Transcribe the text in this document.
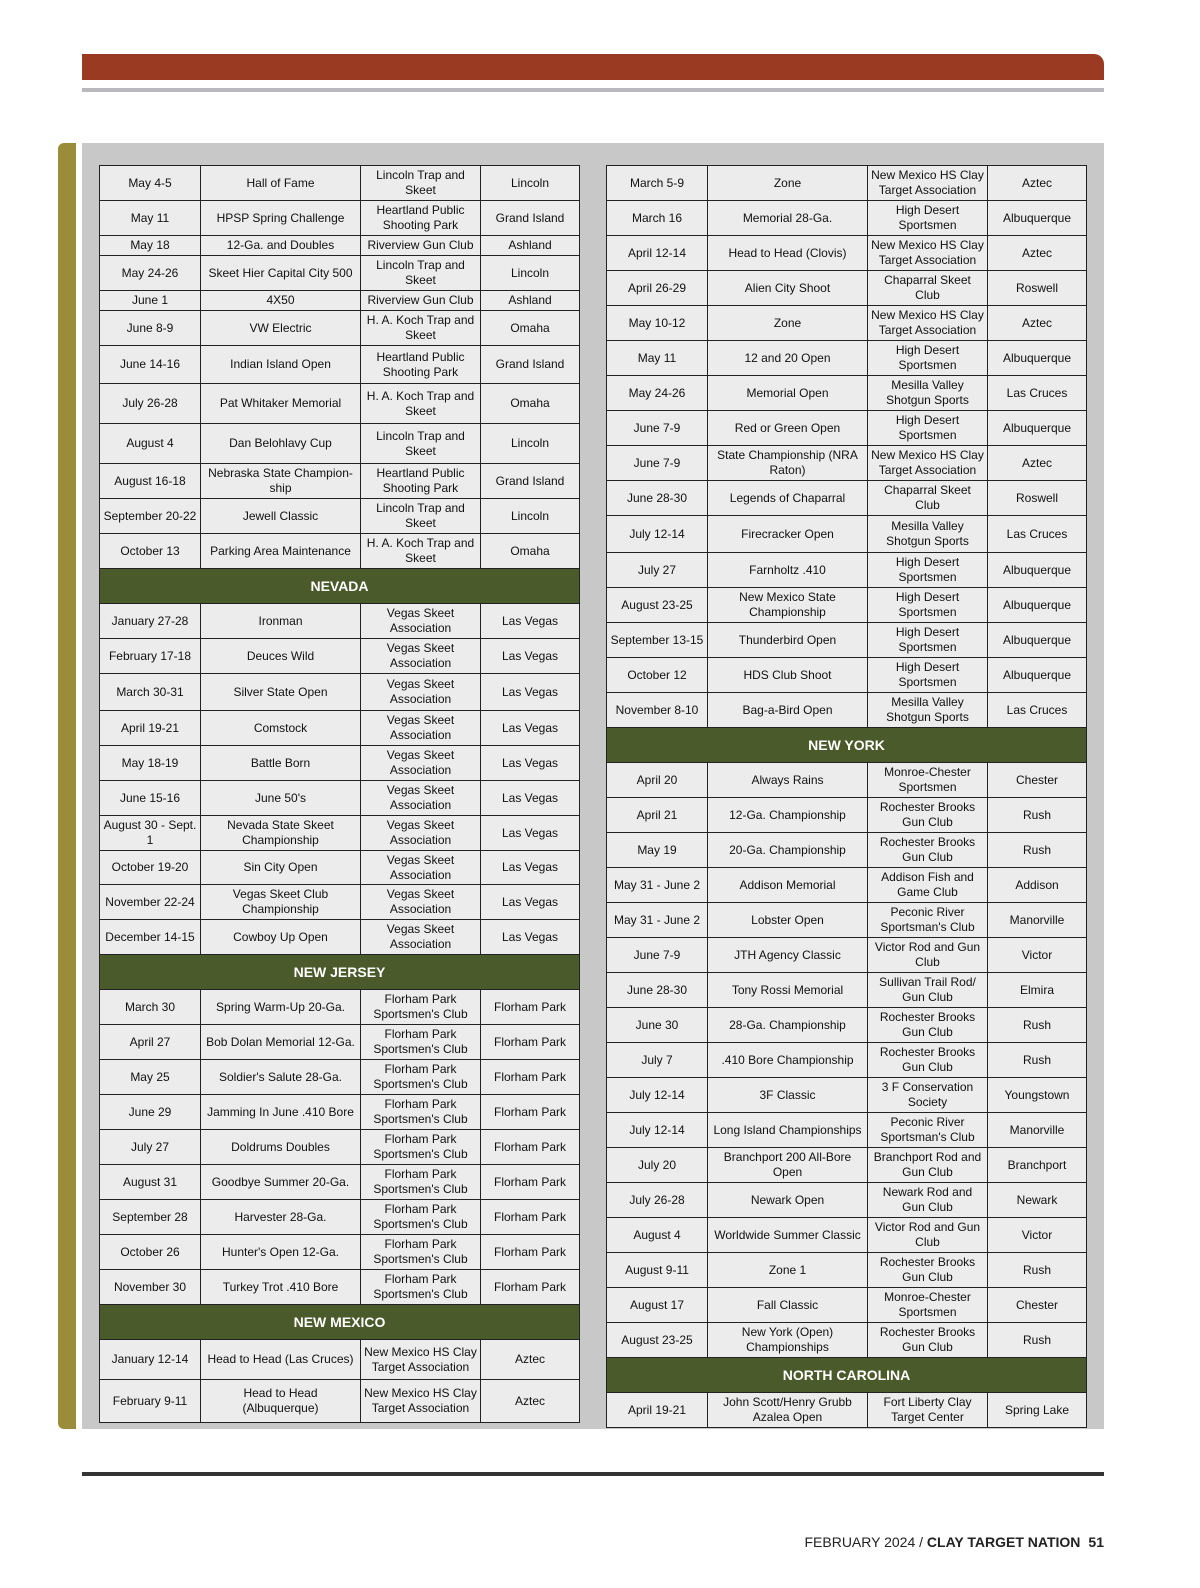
May 4-5	Hall of Fame	Lincoln Trap and Skeet	Lincoln
May 11	HPSP Spring Challenge	Heartland Public Shooting Park	Grand Island
May 18	12-Ga. and Doubles	Riverview Gun Club	Ashland
May 24-26	Skeet Hier Capital City 500	Lincoln Trap and Skeet	Lincoln
June 1	4X50	Riverview Gun Club	Ashland
June 8-9	VW Electric	H. A. Koch Trap and Skeet	Omaha
June 14-16	Indian Island Open	Heartland Public Shooting Park	Grand Island
July 26-28	Pat Whitaker Memorial	H. A. Koch Trap and Skeet	Omaha
August 4	Dan Belohlavy Cup	Lincoln Trap and Skeet	Lincoln
August 16-18	Nebraska State Champion- ship	Heartland Public Shooting Park	Grand Island
September 20-22	Jewell Classic	Lincoln Trap and Skeet	Lincoln
October 13	Parking Area Maintenance	H. A. Koch Trap and Skeet	Omaha
NEVADA			
January 27-28	Ironman	Vegas Skeet Association	Las Vegas
February 17-18	Deuces Wild	Vegas Skeet Association	Las Vegas
March 30-31	Silver State Open	Vegas Skeet Association	Las Vegas
April 19-21	Comstock	Vegas Skeet Association	Las Vegas
May 18-19	Battle Born	Vegas Skeet Association	Las Vegas
June 15-16	June 50's	Vegas Skeet Association	Las Vegas
August 30 - Sept. 1	Nevada State Skeet Championship	Vegas Skeet Association	Las Vegas
October 19-20	Sin City Open	Vegas Skeet Association	Las Vegas
November 22-24	Vegas Skeet Club Championship	Vegas Skeet Association	Las Vegas
December 14-15	Cowboy Up Open	Vegas Skeet Association	Las Vegas
NEW JERSEY			
March 30	Spring Warm-Up 20-Ga.	Florham Park Sportsmen's Club	Florham Park
April 27	Bob Dolan Memorial 12-Ga.	Florham Park Sportsmen's Club	Florham Park
May 25	Soldier's Salute 28-Ga.	Florham Park Sportsmen's Club	Florham Park
June 29	Jamming In June .410 Bore	Florham Park Sportsmen's Club	Florham Park
July 27	Doldrums Doubles	Florham Park Sportsmen's Club	Florham Park
August 31	Goodbye Summer 20-Ga.	Florham Park Sportsmen's Club	Florham Park
September 28	Harvester 28-Ga.	Florham Park Sportsmen's Club	Florham Park
October 26	Hunter's Open 12-Ga.	Florham Park Sportsmen's Club	Florham Park
November 30	Turkey Trot .410 Bore	Florham Park Sportsmen's Club	Florham Park
NEW MEXICO			
January 12-14	Head to Head (Las Cruces)	New Mexico HS Clay Target Association	Aztec
February 9-11	Head to Head (Albuquerque)	New Mexico HS Clay Target Association	Aztec
March 5-9	Zone	New Mexico HS Clay Target Association	Aztec
March 16	Memorial 28-Ga.	High Desert Sportsmen	Albuquerque
April 12-14	Head to Head (Clovis)	New Mexico HS Clay Target Association	Aztec
April 26-29	Alien City Shoot	Chaparral Skeet Club	Roswell
May 10-12	Zone	New Mexico HS Clay Target Association	Aztec
May 11	12 and 20 Open	High Desert Sportsmen	Albuquerque
May 24-26	Memorial Open	Mesilla Valley Shotgun Sports	Las Cruces
June 7-9	Red or Green Open	High Desert Sportsmen	Albuquerque
June 7-9	State Championship (NRA Raton)	New Mexico HS Clay Target Association	Aztec
June 28-30	Legends of Chaparral	Chaparral Skeet Club	Roswell
July 12-14	Firecracker Open	Mesilla Valley Shotgun Sports	Las Cruces
July 27	Farnholtz .410	High Desert Sportsmen	Albuquerque
August 23-25	New Mexico State Championship	High Desert Sportsmen	Albuquerque
September 13-15	Thunderbird Open	High Desert Sportsmen	Albuquerque
October 12	HDS Club Shoot	High Desert Sportsmen	Albuquerque
November 8-10	Bag-a-Bird Open	Mesilla Valley Shotgun Sports	Las Cruces
NEW YORK			
April 20	Always Rains	Monroe-Chester Sportsmen	Chester
April 21	12-Ga. Championship	Rochester Brooks Gun Club	Rush
May 19	20-Ga. Championship	Rochester Brooks Gun Club	Rush
May 31 - June 2	Addison Memorial	Addison Fish and Game Club	Addison
May 31 - June 2	Lobster Open	Peconic River Sportsman's Club	Manorville
June 7-9	JTH Agency Classic	Victor Rod and Gun Club	Victor
June 28-30	Tony Rossi Memorial	Sullivan Trail Rod/ Gun Club	Elmira
June 30	28-Ga. Championship	Rochester Brooks Gun Club	Rush
July 7	.410 Bore Championship	Rochester Brooks Gun Club	Rush
July 12-14	3F Classic	3 F Conservation Society	Youngstown
July 12-14	Long Island Championships	Peconic River Sportsman's Club	Manorville
July 20	Branchport 200 All-Bore Open	Branchport Rod and Gun Club	Branchport
July 26-28	Newark Open	Newark Rod and Gun Club	Newark
August 4	Worldwide Summer Classic	Victor Rod and Gun Club	Victor
August 9-11	Zone 1	Rochester Brooks Gun Club	Rush
August 17	Fall Classic	Monroe-Chester Sportsmen	Chester
August 23-25	New York (Open) Championships	Rochester Brooks Gun Club	Rush
NORTH CAROLINA			
April 19-21	John Scott/Henry Grubb Azalea Open	Fort Liberty Clay Target Center	Spring Lake
FEBRUARY 2024 / CLAY TARGET NATION 51
